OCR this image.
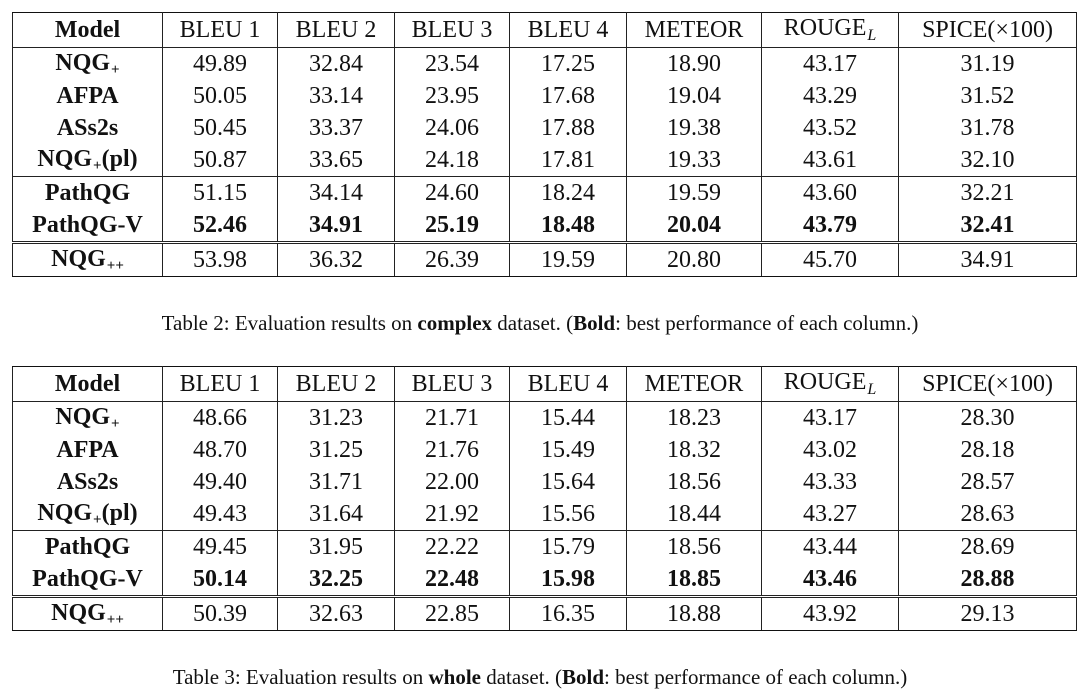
Model	BLEU 1	BLEU 2	BLEU 3	BLEU 4	METEOR	$ROUGE_L$	SPICE(×100)
$NQG_+$	49.89	32.84	23.54	17.25	18.90	43.17	31.19
AFPA	50.05	33.14	23.95	17.68	19.04	43.29	31.52
ASs2s	50.45	33.37	24.06	17.88	19.38	43.52	31.78
$NQG_+(pl)$	50.87	33.65	24.18	17.81	19.33	43.61	32.10
PathQG	51.15	34.14	24.60	18.24	19.59	43.60	32.21
PathQG-V	52.46	34.91	25.19	18.48	20.04	43.79	32.41
$NQG_{++}$	53.98	36.32	26.39	19.59	20.80	45.70	34.91
Table 2: Evaluation results on complex dataset. (Bold: best performance of each column.)
Model	BLEU 1	BLEU 2	BLEU 3	BLEU 4	METEOR	$ROUGE_L$	SPICE(×100)
$NQG_+$	48.66	31.23	21.71	15.44	18.23	43.17	28.30
AFPA	48.70	31.25	21.76	15.49	18.32	43.02	28.18
ASs2s	49.40	31.71	22.00	15.64	18.56	43.33	28.57
$NQG_+(pl)$	49.43	31.64	21.92	15.56	18.44	43.27	28.63
PathQG	49.45	31.95	22.22	15.79	18.56	43.44	28.69
PathQG-V	50.14	32.25	22.48	15.98	18.85	43.46	28.88
$NQG_{++}$	50.39	32.63	22.85	16.35	18.88	43.92	29.13
Table 3: Evaluation results on whole dataset. (Bold: best performance of each column.)
